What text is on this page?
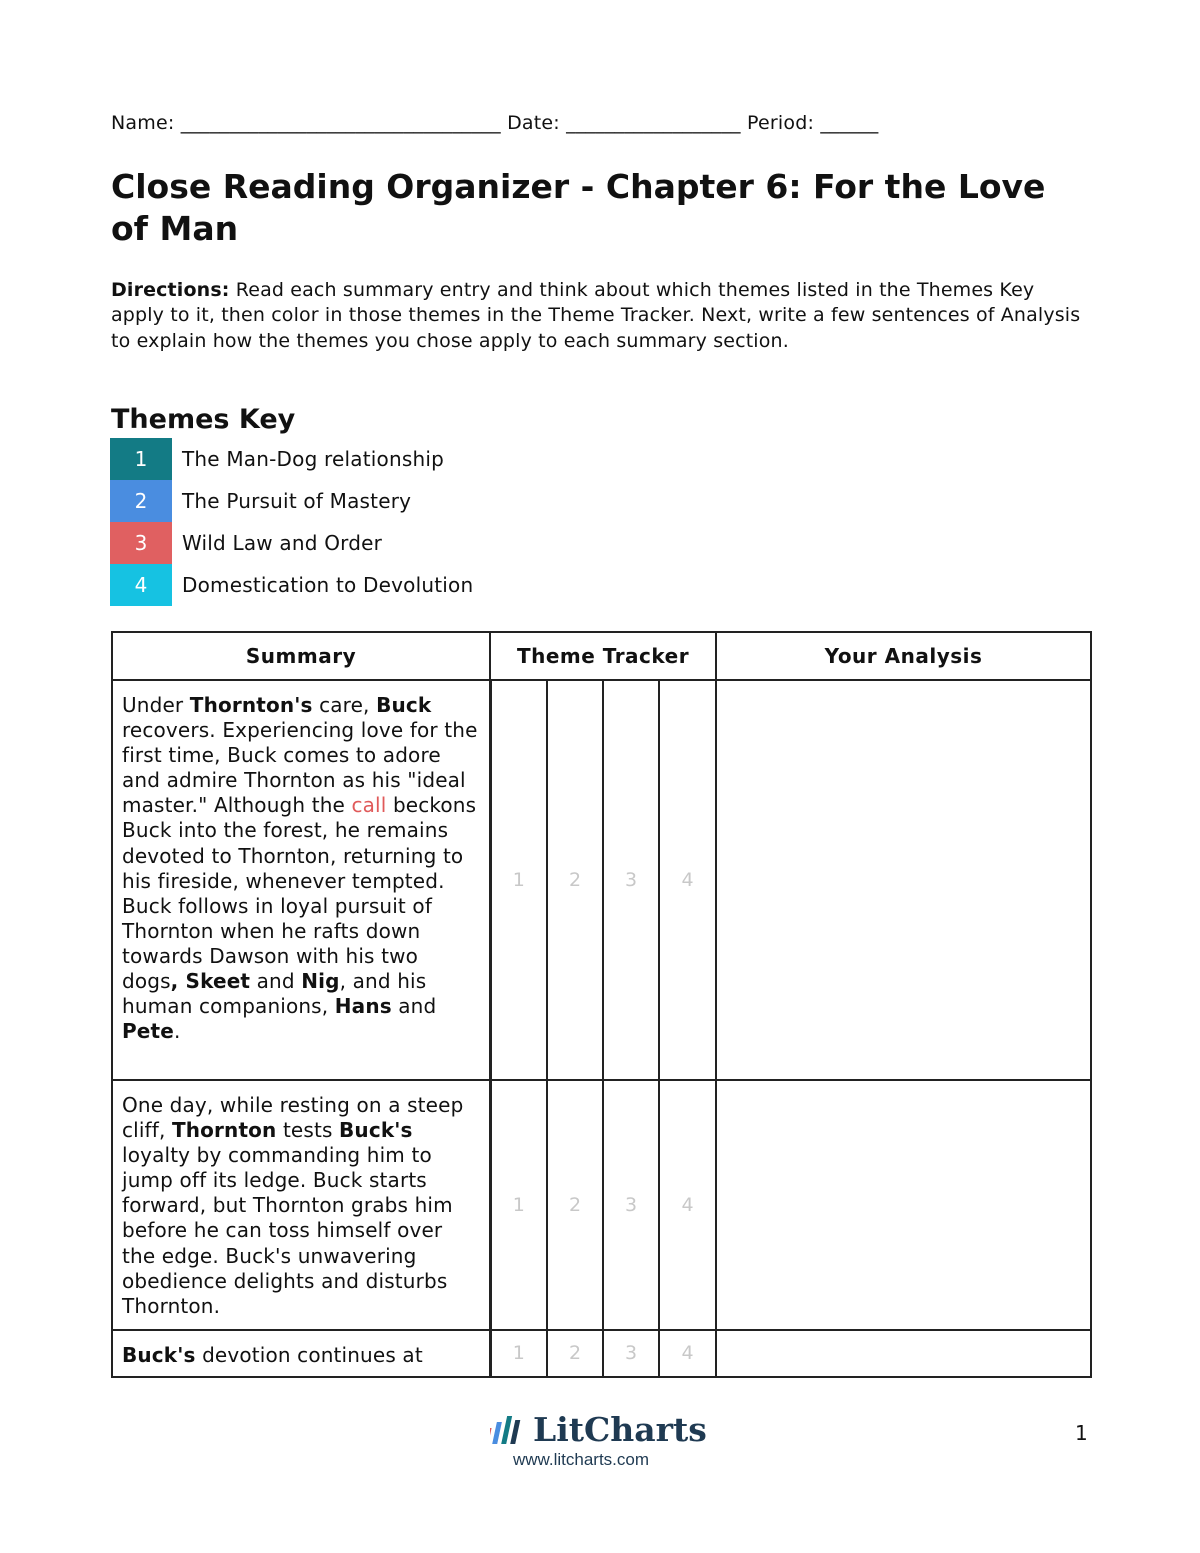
Name: _________________________________ Date: __________________ Period: ______
Close Reading Organizer - Chapter 6: For the Love of Man
Directions: Read each summary entry and think about which themes listed in the Themes Key apply to it, then color in those themes in the Theme Tracker. Next, write a few sentences of Analysis to explain how the themes you chose apply to each summary section.
Themes Key
1	The Man-Dog relationship
2	The Pursuit of Mastery
3	Wild Law and Order
4	Domestication to Devolution
Summary	Theme Tracker				Your Analysis
Under Thornton's care, Buck recovers. Experiencing love for the first time, Buck comes to adore and admire Thornton as his "ideal master." Although the call beckons Buck into the forest, he remains devoted to Thornton, returning to his fireside, whenever tempted. Buck follows in loyal pursuit of Thornton when he rafts down towards Dawson with his two dogs, Skeet and Nig, and his human companions, Hans and Pete.	1	2	3	4	
One day, while resting on a steep cliff, Thornton tests Buck's loyalty by commanding him to jump off its ledge. Buck starts forward, but Thornton grabs him before he can toss himself over the edge. Buck's unwavering obedience delights and disturbs Thornton.	1	2	3	4	
Buck's devotion continues at	1	2	3	4	
LitCharts
www.litcharts.com
1
